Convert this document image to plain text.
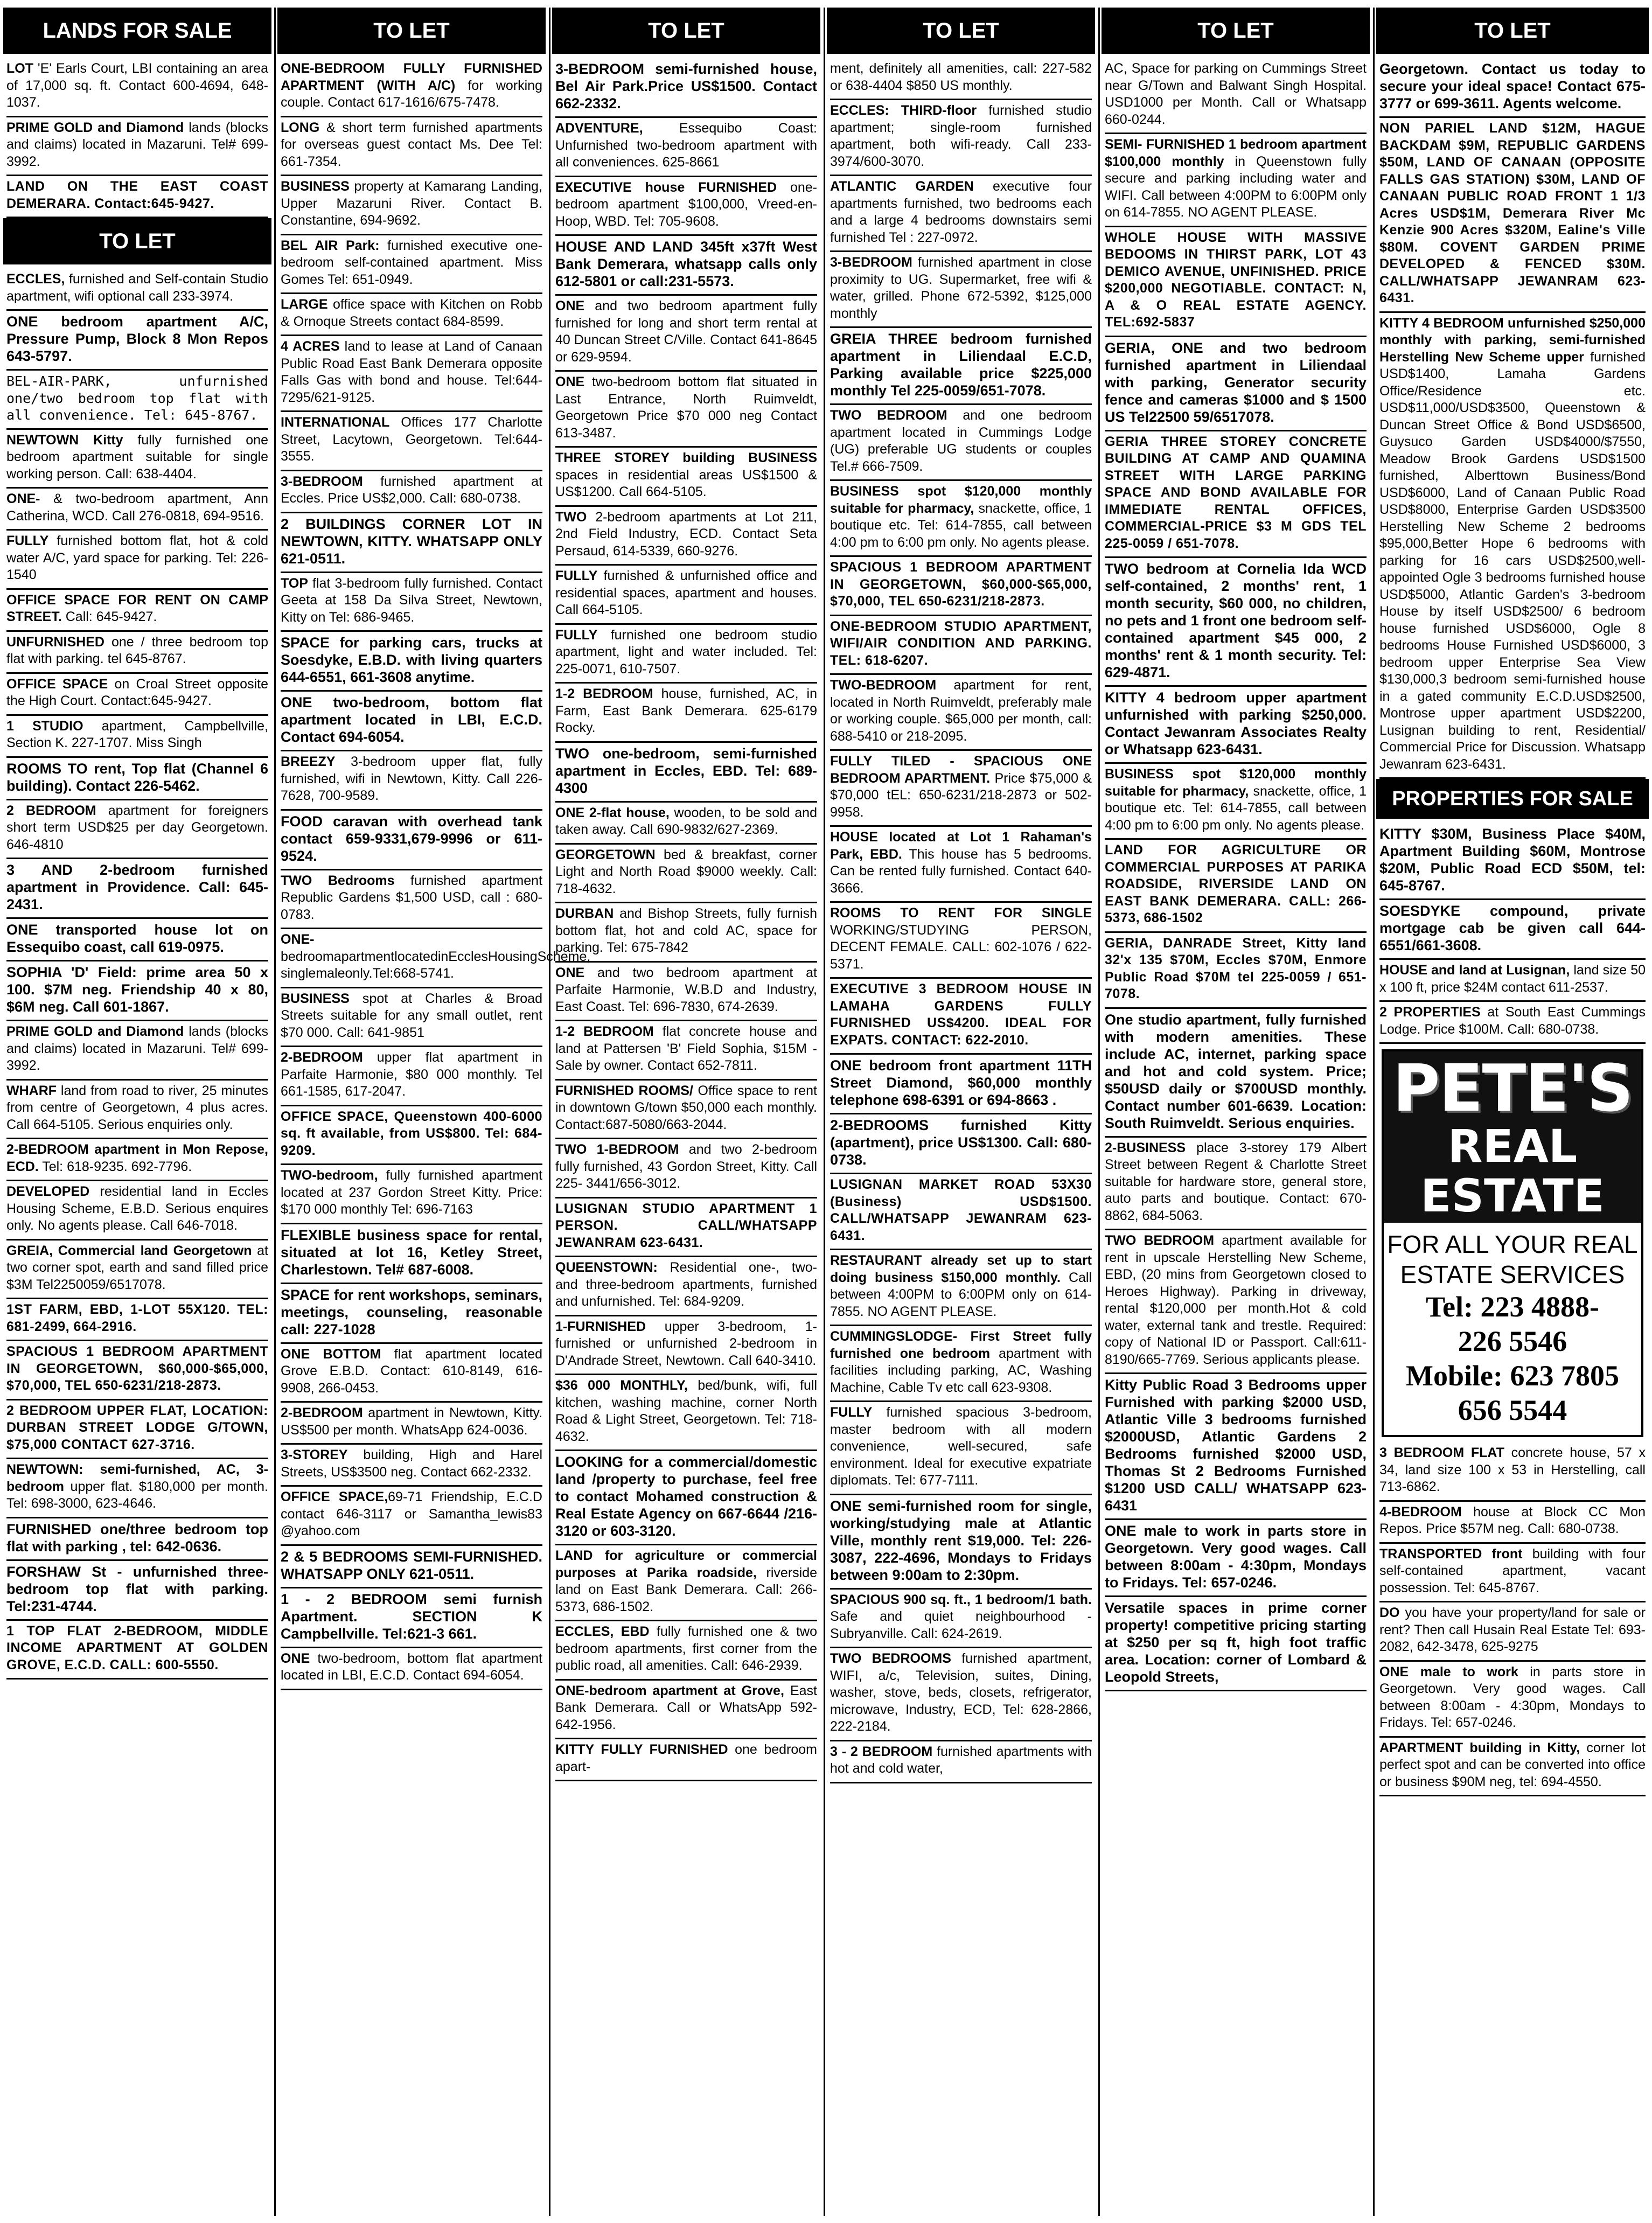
LANDS FOR SALE
LOT 'E' Earls Court, LBI containing an area of 17,000 sq. ft. Contact 600-4694, 648-1037.
PRIME GOLD and Diamond lands (blocks and claims) located in Mazaruni. Tel# 699-3992.
LAND ON THE EAST COAST DEMERARA. Contact:645-9427.
TO LET
ECCLES, furnished and Self-contain Studio apartment, wifi optional call 233-3974.
ONE bedroom apartment A/C, Pressure Pump, Block 8 Mon Repos 643-5797.
BEL-AIR-PARK, unfurnished one/two bedroom top flat with all convenience. Tel: 645-8767.
NEWTOWN Kitty fully furnished one bedroom apartment suitable for single working person. Call: 638-4404.
ONE- & two-bedroom apartment, Ann Catherina, WCD. Call 276-0818, 694-9516.
FULLY furnished bottom flat, hot & cold water A/C, yard space for parking. Tel: 226-1540
OFFICE SPACE FOR RENT ON CAMP STREET. Call: 645-9427.
UNFURNISHED one / three bedroom top flat with parking. tel 645-8767.
OFFICE SPACE on Croal Street opposite the High Court. Contact:645-9427.
1 STUDIO apartment, Campbellville, Section K. 227-1707. Miss Singh
ROOMS TO rent, Top flat (Channel 6 building). Contact 226-5462.
2 BEDROOM apartment for foreigners short term USD$25 per day Georgetown. 646-4810
3 AND 2-bedroom furnished apartment in Providence. Call: 645-2431.
ONE transported house lot on Essequibo coast, call 619-0975.
SOPHIA 'D' Field: prime area 50 x 100. $7M neg. Friendship 40 x 80, $6M neg. Call 601-1867.
PRIME GOLD and Diamond lands (blocks and claims) located in Mazaruni. Tel# 699-3992.
WHARF land from road to river, 25 minutes from centre of Georgetown, 4 plus acres. Call 664-5105. Serious enquiries only.
2-BEDROOM apartment in Mon Repose, ECD. Tel: 618-9235. 692-7796.
DEVELOPED residential land in Eccles Housing Scheme, E.B.D. Serious enquires only. No agents please. Call 646-7018.
GREIA, Commercial land Georgetown at two corner spot, earth and sand filled price $3M Tel2250059/6517078.
1ST FARM, EBD, 1-LOT 55X120. TEL: 681-2499, 664-2916.
SPACIOUS 1 BEDROOM APARTMENT IN GEORGETOWN, $60,000-$65,000, $70,000, TEL 650-6231/218-2873.
2 BEDROOM UPPER FLAT, LOCATION: DURBAN STREET LODGE G/TOWN, $75,000 CONTACT 627-3716.
NEWTOWN: semi-furnished, AC, 3-bedroom upper flat. $180,000 per month. Tel: 698-3000, 623-4646.
FURNISHED one/three bedroom top flat with parking , tel: 642-0636.
FORSHAW St - unfurnished three-bedroom top flat with parking. Tel:231-4744.
1 TOP FLAT 2-BEDROOM, MIDDLE INCOME APARTMENT AT GOLDEN GROVE, E.C.D. CALL: 600-5550.
TO LET
ONE-BEDROOM FULLY FURNISHED APARTMENT (WITH A/C) for working couple. Contact 617-1616/675-7478.
LONG & short term furnished apartments for overseas guest contact Ms. Dee Tel: 661-7354.
BUSINESS property at Kamarang Landing, Upper Mazaruni River. Contact B. Constantine, 694-9692.
BEL AIR Park: furnished executive one-bedroom self-contained apartment. Miss Gomes Tel: 651-0949.
LARGE office space with Kitchen on Robb & Ornoque Streets contact 684-8599.
4 ACRES land to lease at Land of Canaan Public Road East Bank Demerara opposite Falls Gas with bond and house. Tel:644-7295/621-9125.
INTERNATIONAL Offices 177 Charlotte Street, Lacytown, Georgetown. Tel:644-3555.
3-BEDROOM furnished apartment at Eccles. Price US$2,000. Call: 680-0738.
2 BUILDINGS CORNER LOT IN NEWTOWN, KITTY. WHATSAPP ONLY 621-0511.
TOP flat 3-bedroom fully furnished. Contact Geeta at 158 Da Silva Street, Newtown, Kitty on Tel: 686-9465.
SPACE for parking cars, trucks at Soesdyke, E.B.D. with living quarters 644-6551, 661-3608 anytime.
ONE two-bedroom, bottom flat apartment located in LBI, E.C.D. Contact 694-6054.
BREEZY 3-bedroom upper flat, fully furnished, wifi in Newtown, Kitty. Call 226-7628, 700-9589.
FOOD caravan with overhead tank contact 659-9331,679-9996 or 611-9524.
TWO Bedrooms furnished apartment Republic Gardens $1,500 USD, call : 680-0783.
ONE-bedroomapartmentlocatedinEcclesHousingScheme, singlemaleonly.Tel:668-5741.
BUSINESS spot at Charles & Broad Streets suitable for any small outlet, rent $70 000. Call: 641-9851
2-BEDROOM upper flat apartment in Parfaite Harmonie, $80 000 monthly. Tel 661-1585, 617-2047.
OFFICE SPACE, Queenstown 400-6000 sq. ft available, from US$800. Tel: 684-9209.
TWO-bedroom, fully furnished apartment located at 237 Gordon Street Kitty. Price: $170 000 monthly Tel: 696-7163
FLEXIBLE business space for rental, situated at lot 16, Ketley Street, Charlestown. Tel# 687-6008.
SPACE for rent workshops, seminars, meetings, counseling, reasonable call: 227-1028
ONE BOTTOM flat apartment located Grove E.B.D. Contact: 610-8149, 616-9908, 266-0453.
2-BEDROOM apartment in Newtown, Kitty. US$500 per month. WhatsApp 624-0036.
3-STOREY building, High and Harel Streets, US$3500 neg. Contact 662-2332.
OFFICE SPACE,69-71 Friendship, E.C.D contact 646-3117 or Samantha_lewis83 @yahoo.com
2 & 5 BEDROOMS SEMI-FURNISHED. WHATSAPP ONLY 621-0511.
1 - 2 BEDROOM semi furnish Apartment. SECTION K Campbellville. Tel:621-3 661.
ONE two-bedroom, bottom flat apartment located in LBI, E.C.D. Contact 694-6054.
TO LET
3-BEDROOM semi-furnished house, Bel Air Park.Price US$1500. Contact 662-2332.
ADVENTURE, Essequibo Coast: Unfurnished two-bedroom apartment with all conveniences. 625-8661
EXECUTIVE house FURNISHED one-bedroom apartment $100,000, Vreed-en-Hoop, WBD. Tel: 705-9608.
HOUSE AND LAND 345ft x37ft West Bank Demerara, whatsapp calls only 612-5801 or call:231-5573.
ONE and two bedroom apartment fully furnished for long and short term rental at 40 Duncan Street C/Ville. Contact 641-8645 or 629-9594.
ONE two-bedroom bottom flat situated in Last Entrance, North Ruimveldt, Georgetown Price $70 000 neg Contact 613-3487.
THREE STOREY building BUSINESS spaces in residential areas US$1500 & US$1200. Call 664-5105.
TWO 2-bedroom apartments at Lot 211, 2nd Field Industry, ECD. Contact Seta Persaud, 614-5339, 660-9276.
FULLY furnished & unfurnished office and residential spaces, apartment and houses. Call 664-5105.
FULLY furnished one bedroom studio apartment, light and water included. Tel: 225-0071, 610-7507.
1-2 BEDROOM house, furnished, AC, in Farm, East Bank Demerara. 625-6179 Rocky.
TWO one-bedroom, semi-furnished apartment in Eccles, EBD. Tel: 689-4300
ONE 2-flat house, wooden, to be sold and taken away. Call 690-9832/627-2369.
GEORGETOWN bed & breakfast, corner Light and North Road $9000 weekly. Call: 718-4632.
DURBAN and Bishop Streets, fully furnish bottom flat, hot and cold AC, space for parking. Tel: 675-7842
ONE and two bedroom apartment at Parfaite Harmonie, W.B.D and Industry, East Coast. Tel: 696-7830, 674-2639.
1-2 BEDROOM flat concrete house and land at Pattersen 'B' Field Sophia, $15M - Sale by owner. Contact 652-7811.
FURNISHED ROOMS/ Office space to rent in downtown G/town $50,000 each monthly. Contact:687-5080/663-2044.
TWO 1-BEDROOM and two 2-bedroom fully furnished, 43 Gordon Street, Kitty. Call 225- 3441/656-3012.
LUSIGNAN STUDIO APARTMENT 1 PERSON. CALL/WHATSAPP JEWANRAM 623-6431.
QUEENSTOWN: Residential one-, two- and three-bedroom apartments, furnished and unfurnished. Tel: 684-9209.
1-FURNISHED upper 3-bedroom, 1-furnished or unfurnished 2-bedroom in D'Andrade Street, Newtown. Call 640-3410.
$36 000 MONTHLY, bed/bunk, wifi, full kitchen, washing machine, corner North Road & Light Street, Georgetown. Tel: 718-4632.
LOOKING for a commercial/domestic land /property to purchase, feel free to contact Mohamed construction & Real Estate Agency on 667-6644 /216-3120 or 603-3120.
LAND for agriculture or commercial purposes at Parika roadside, riverside land on East Bank Demerara. Call: 266-5373, 686-1502.
ECCLES, EBD fully furnished one & two bedroom apartments, first corner from the public road, all amenities. Call: 646-2939.
ONE-bedroom apartment at Grove, East Bank Demerara. Call or WhatsApp 592-642-1956.
KITTY FULLY FURNISHED one bedroom apart-
TO LET
ment, definitely all amenities, call: 227-582 or 638-4404 $850 US monthly.
ECCLES: THIRD-floor furnished studio apartment; single-room furnished apartment, both wifi-ready. Call 233-3974/600-3070.
ATLANTIC GARDEN executive four apartments furnished, two bedrooms each and a large 4 bedrooms downstairs semi furnished Tel : 227-0972.
3-BEDROOM furnished apartment in close proximity to UG. Supermarket, free wifi & water, grilled. Phone 672-5392, $125,000 monthly
GREIA THREE bedroom furnished apartment in Liliendaal E.C.D, Parking available price $225,000 monthly Tel 225-0059/651-7078.
TWO BEDROOM and one bedroom apartment located in Cummings Lodge (UG) preferable UG students or couples Tel.# 666-7509.
BUSINESS spot $120,000 monthly suitable for pharmacy, snackette, office, 1 boutique etc. Tel: 614-7855, call between 4:00 pm to 6:00 pm only. No agents please.
SPACIOUS 1 BEDROOM APARTMENT IN GEORGETOWN, $60,000-$65,000, $70,000, TEL 650-6231/218-2873.
ONE-BEDROOM STUDIO APARTMENT, WIFI/AIR CONDITION AND PARKING. TEL: 618-6207.
TWO-BEDROOM apartment for rent, located in North Ruimveldt, preferably male or working couple. $65,000 per month, call: 688-5410 or 218-2095.
FULLY TILED - SPACIOUS ONE BEDROOM APARTMENT. Price $75,000 & $70,000 tEL: 650-6231/218-2873 or 502-9958.
HOUSE located at Lot 1 Rahaman's Park, EBD. This house has 5 bedrooms. Can be rented fully furnished. Contact 640-3666.
ROOMS TO RENT FOR SINGLE WORKING/STUDYING PERSON, DECENT FEMALE. CALL: 602-1076 / 622-5371.
EXECUTIVE 3 BEDROOM HOUSE IN LAMAHA GARDENS FULLY FURNISHED US$4200. IDEAL FOR EXPATS. CONTACT: 622-2010.
ONE bedroom front apartment 11TH Street Diamond, $60,000 monthly telephone 698-6391 or 694-8663 .
2-BEDROOMS furnished Kitty (apartment), price US$1300. Call: 680-0738.
LUSIGNAN MARKET ROAD 53X30 (Business) USD$1500. CALL/WHATSAPP JEWANRAM 623-6431.
RESTAURANT already set up to start doing business $150,000 monthly. Call between 4:00PM to 6:00PM only on 614-7855. NO AGENT PLEASE.
CUMMINGSLODGE- First Street fully furnished one bedroom apartment with facilities including parking, AC, Washing Machine, Cable Tv etc call 623-9308.
FULLY furnished spacious 3-bedroom, master bedroom with all modern convenience, well-secured, safe environment. Ideal for executive expatriate diplomats. Tel: 677-7111.
ONE semi-furnished room for single, working/studying male at Atlantic Ville, monthly rent $19,000. Tel: 226-3087, 222-4696, Mondays to Fridays between 9:00am to 2:30pm.
SPACIOUS 900 sq. ft., 1 bedroom/1 bath. Safe and quiet neighbourhood - Subryanville. Call: 624-2619.
TWO BEDROOMS furnished apartment, WIFI, a/c, Television, suites, Dining, washer, stove, beds, closets, refrigerator, microwave, Industry, ECD, Tel: 628-2866, 222-2184.
3 - 2 BEDROOM furnished apartments with hot and cold water,
TO LET
AC, Space for parking on Cummings Street near G/Town and Balwant Singh Hospital. USD1000 per Month. Call or Whatsapp 660-0244.
SEMI- FURNISHED 1 bedroom apartment $100,000 monthly in Queenstown fully secure and parking including water and WIFI. Call between 4:00PM to 6:00PM only on 614-7855. NO AGENT PLEASE.
WHOLE HOUSE WITH MASSIVE BEDOOMS IN THIRST PARK, LOT 43 DEMICO AVENUE, UNFINISHED. PRICE $200,000 NEGOTIABLE. CONTACT: N, A & O REAL ESTATE AGENCY. TEL:692-5837
GERIA, ONE and two bedroom furnished apartment in Liliendaal with parking, Generator security fence and cameras $1000 and $ 1500 US Tel22500 59/6517078.
GERIA THREE STOREY CONCRETE BUILDING AT CAMP AND QUAMINA STREET WITH LARGE PARKING SPACE AND BOND AVAILABLE FOR IMMEDIATE RENTAL OFFICES, COMMERCIAL-PRICE $3 M GDS TEL 225-0059 / 651-7078.
TWO bedroom at Cornelia Ida WCD self-contained, 2 months' rent, 1 month security, $60 000, no children, no pets and 1 front one bedroom self-contained apartment $45 000, 2 months' rent & 1 month security. Tel: 629-4871.
KITTY 4 bedroom upper apartment unfurnished with parking $250,000. Contact Jewanram Associates Realty or Whatsapp 623-6431.
BUSINESS spot $120,000 monthly suitable for pharmacy, snackette, office, 1 boutique etc. Tel: 614-7855, call between 4:00 pm to 6:00 pm only. No agents please.
LAND FOR AGRICULTURE OR COMMERCIAL PURPOSES AT PARIKA ROADSIDE, RIVERSIDE LAND ON EAST BANK DEMERARA. CALL: 266-5373, 686-1502
GERIA, DANRADE Street, Kitty land 32'x 135 $70M, Eccles $70M, Enmore Public Road $70M tel 225-0059 / 651-7078.
One studio apartment, fully furnished with modern amenities. These include AC, internet, parking space and hot and cold system. Price; $50USD daily or $700USD monthly. Contact number 601-6639. Location: South Ruimveldt. Serious enquiries.
2-BUSINESS place 3-storey 179 Albert Street between Regent & Charlotte Street suitable for hardware store, general store, auto parts and boutique. Contact: 670-8862, 684-5063.
TWO BEDROOM apartment available for rent in upscale Herstelling New Scheme, EBD, (20 mins from Georgetown closed to Heroes Highway). Parking in driveway, rental $120,000 per month.Hot & cold water, external tank and trestle. Required: copy of National ID or Passport. Call:611-8190/665-7769. Serious applicants please.
Kitty Public Road 3 Bedrooms upper Furnished with parking $2000 USD, Atlantic Ville 3 bedrooms furnished $2000USD, Atlantic Gardens 2 Bedrooms furnished $2000 USD, Thomas St 2 Bedrooms Furnished $1200 USD CALL/ WHATSAPP 623-6431
ONE male to work in parts store in Georgetown. Very good wages. Call between 8:00am - 4:30pm, Mondays to Fridays. Tel: 657-0246.
Versatile spaces in prime corner property! competitive pricing starting at $250 per sq ft, high foot traffic area. Location: corner of Lombard & Leopold Streets,
TO LET
Georgetown. Contact us today to secure your ideal space! Contact 675-3777 or 699-3611. Agents welcome.
NON PARIEL LAND $12M, HAGUE BACKDAM $9M, REPUBLIC GARDENS $50M, LAND OF CANAAN (OPPOSITE FALLS GAS STATION) $30M, LAND OF CANAAN PUBLIC ROAD FRONT 1 1/3 Acres USD$1M, Demerara River Mc Kenzie 900 Acres $320M, Ealine's Ville $80M. COVENT GARDEN PRIME DEVELOPED & FENCED $30M. CALL/WHATSAPP JEWANRAM 623-6431.
KITTY 4 BEDROOM unfurnished $250,000 monthly with parking, semi-furnished Herstelling New Scheme upper furnished USD$1400, Lamaha Gardens Office/Residence etc. USD$11,000/USD$3500, Queenstown & Duncan Street Office & Bond USD$6500, Guysuco Garden USD$4000/$7550, Meadow Brook Gardens USD$1500 furnished, Alberttown Business/Bond USD$6000, Land of Canaan Public Road USD$8000, Enterprise Garden USD$3500 Herstelling New Scheme 2 bedrooms $95,000,Better Hope 6 bedrooms with parking for 16 cars USD$2500,well-appointed Ogle 3 bedrooms furnished house USD$5000, Atlantic Garden's 3-bedroom House by itself USD$2500/ 6 bedroom house furnished USD$6000, Ogle 8 bedrooms House Furnished USD$6000, 3 bedroom upper Enterprise Sea View $130,000,3 bedroom semi-furnished house in a gated community E.C.D.USD$2500, Montrose upper apartment USD$2200, Lusignan building to rent, Residential/ Commercial Price for Discussion. Whatsapp Jewanram 623-6431.
PROPERTIES FOR SALE
KITTY $30M, Business Place $40M, Apartment Building $60M, Montrose $20M, Public Road ECD $50M, tel: 645-8767.
SOESDYKE compound, private mortgage cab be given call 644-6551/661-3608.
HOUSE and land at Lusignan, land size 50 x 100 ft, price $24M contact 611-2537.
2 PROPERTIES at South East Cummings Lodge. Price $100M. Call: 680-0738.
PETE'S
REAL ESTATE
FOR ALL YOUR REAL ESTATE SERVICES
Tel: 223 4888-
226 5546
Mobile: 623 7805
656 5544
3 BEDROOM FLAT concrete house, 57 x 34, land size 100 x 53 in Herstelling, call 713-6862.
4-BEDROOM house at Block CC Mon Repos. Price $57M neg. Call: 680-0738.
TRANSPORTED front building with four self-contained apartment, vacant possession. Tel: 645-8767.
DO you have your property/land for sale or rent? Then call Husain Real Estate Tel: 693-2082, 642-3478, 625-9275
ONE male to work in parts store in Georgetown. Very good wages. Call between 8:00am - 4:30pm, Mondays to Fridays. Tel: 657-0246.
APARTMENT building in Kitty, corner lot perfect spot and can be converted into office or business $90M neg, tel: 694-4550.
